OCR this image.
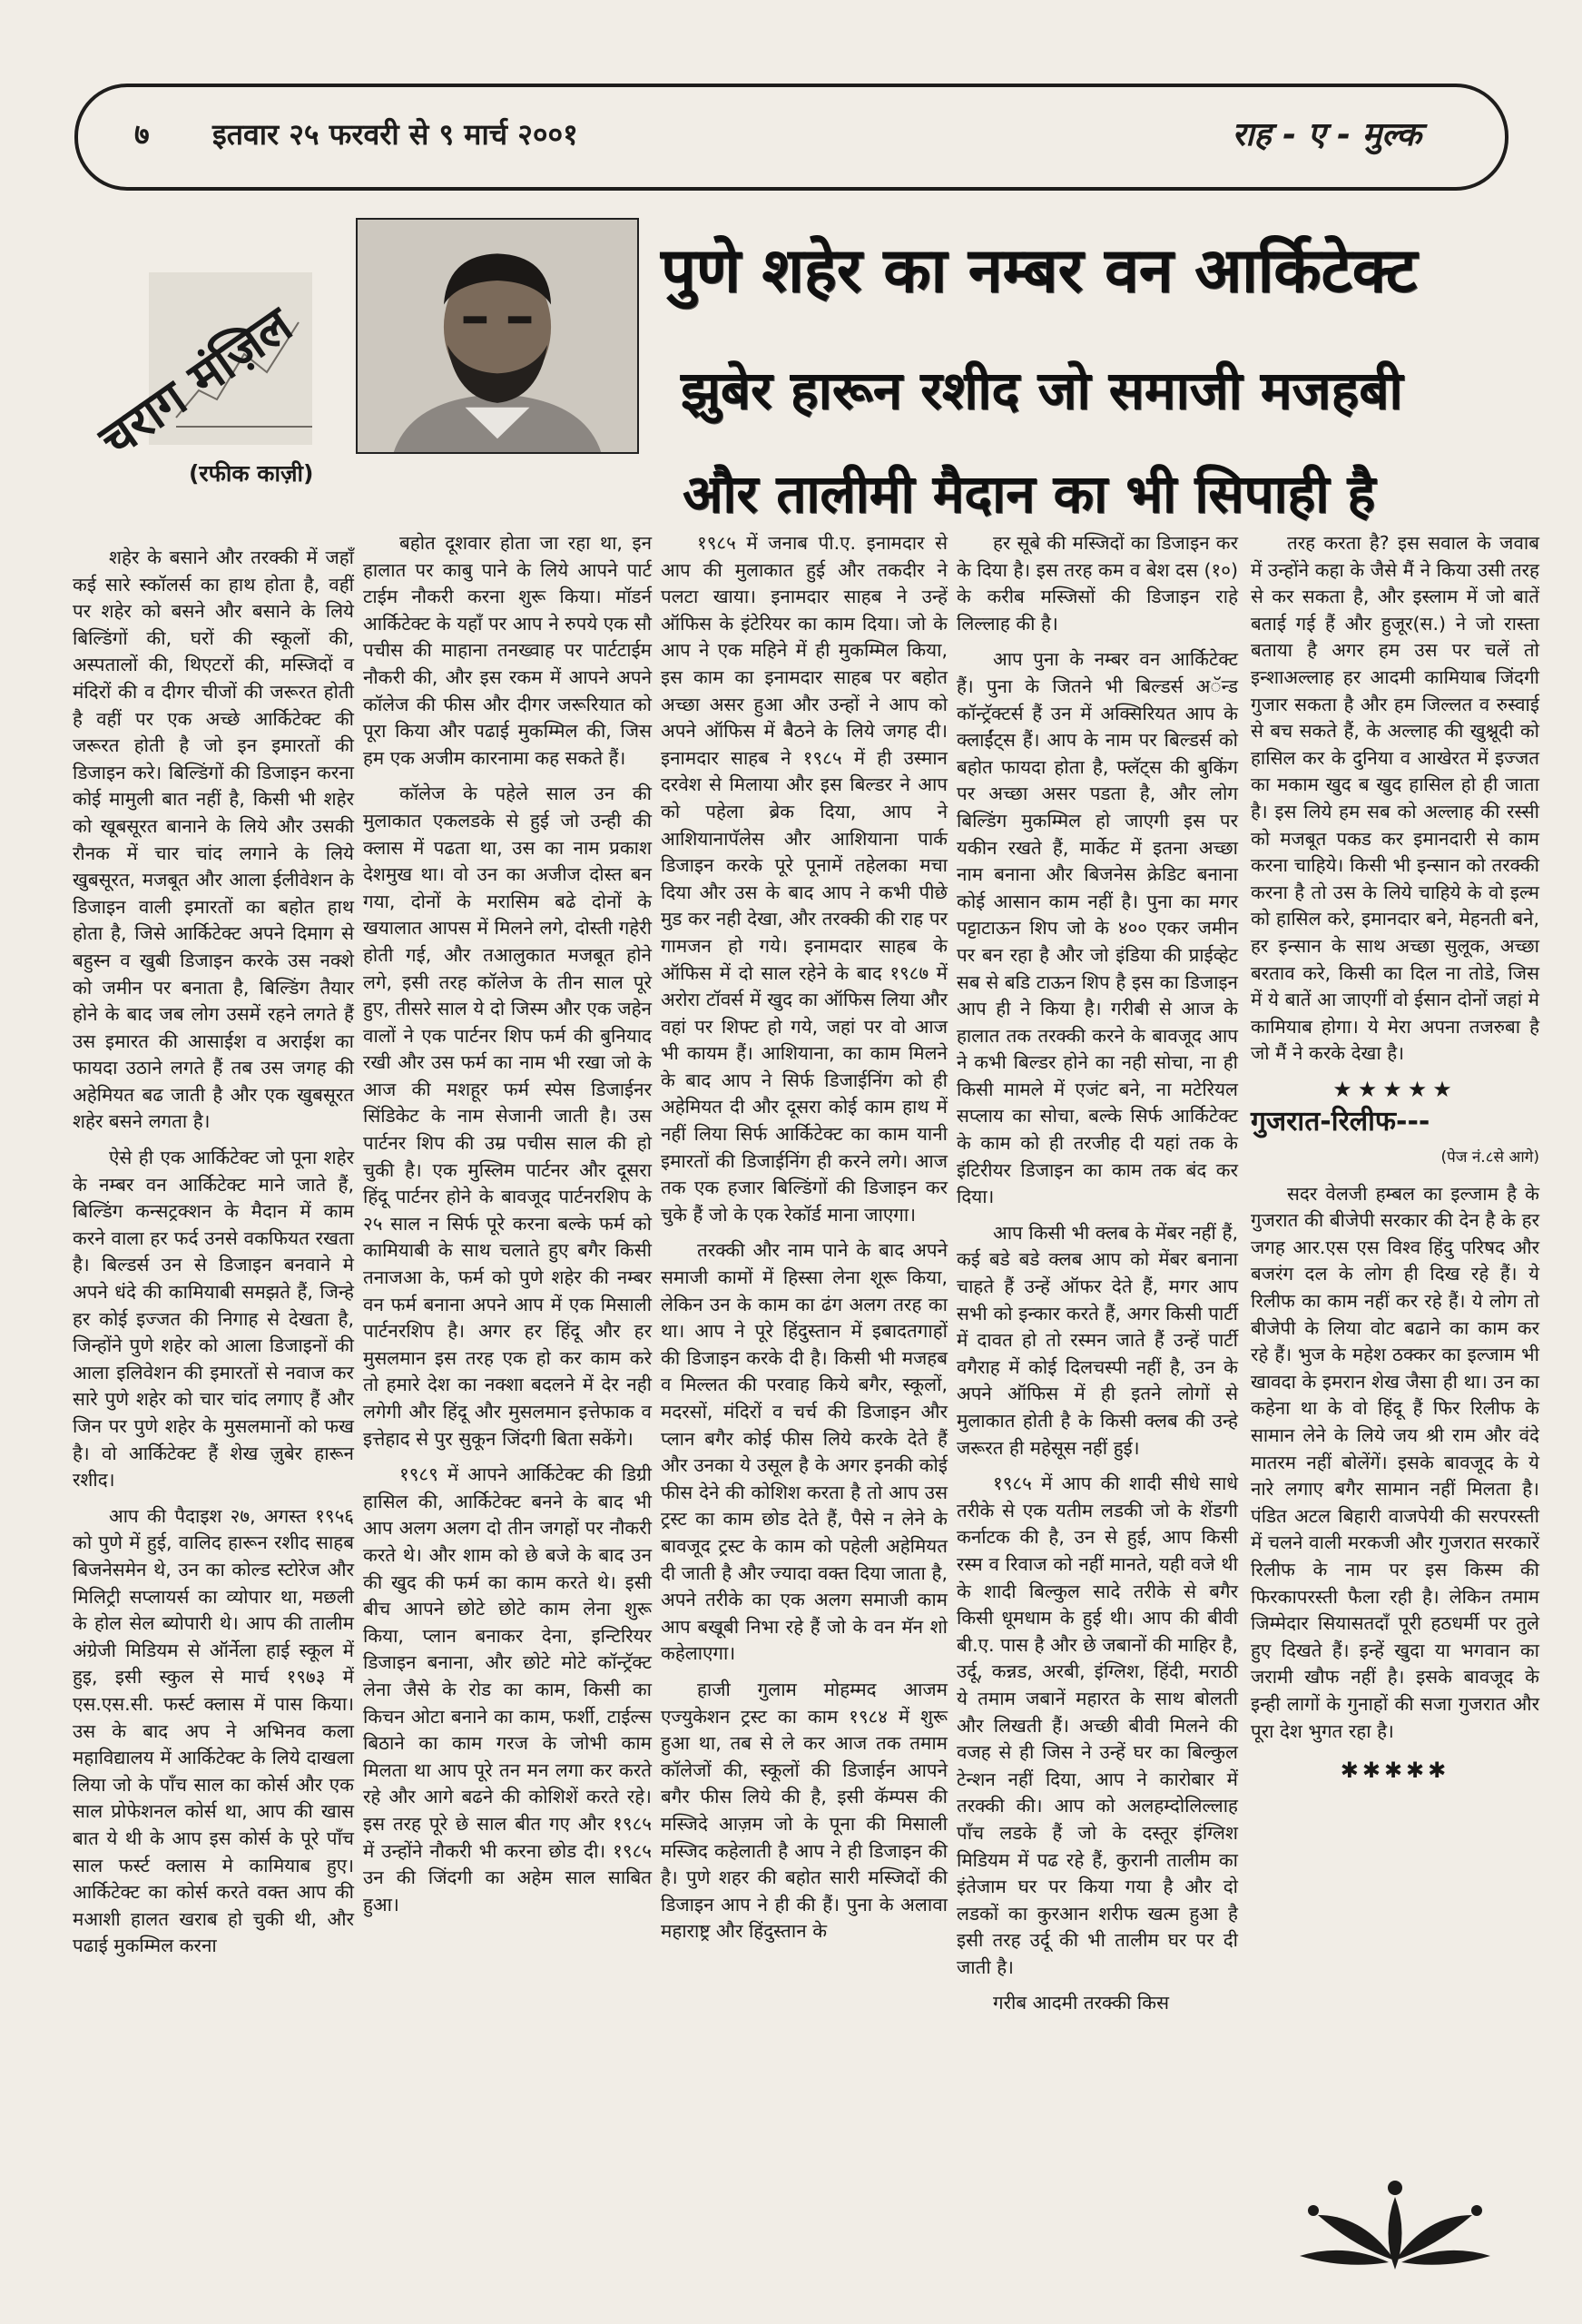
७ इतवार २५ फरवरी से ९ मार्च २००१	राह - ए - मुल्क
चराग मंज़िल
(रफीक काज़ी)
पुणे शहेर का नम्बर वन आर्किटेक्ट
झुबेर हारून रशीद जो समाजी मजहबी
और तालीमी मैदान का भी सिपाही है

शहेर के बसाने और तरक्की में जहाँ कई सारे स्कॉलर्स का हाथ होता है, वहीं पर शहेर को बसने और बसाने के लिये बिल्डिंगों की, घरों की स्कूलों की, अस्पतालों की, थिएटरों की, मस्जिदों व मंदिरों की व दीगर चीजों की जरूरत होती है वहीं पर एक अच्छे आर्किटेक्ट की जरूरत होती है जो इन इमारतों की डिजाइन करे। बिल्डिंगों की डिजाइन करना कोई मामुली बात नहीं है, किसी भी शहेर को खूबसूरत बानाने के लिये और उसकी रौनक में चार चांद लगाने के लिये खुबसूरत, मजबूत और आला ईलीवेशन के डिजाइन वाली इमारतों का बहोत हाथ होता है, जिसे आर्किटेक्ट अपने दिमाग से बहुस्न व खुबी डिजाइन करके उस नक्शे को जमीन पर बनाता है, बिल्डिंग तैयार होने के बाद जब लोग उसमें रहने लगते हैं उस इमारत की आसाईश व अराईश का फायदा उठाने लगते हैं तब उस जगह की अहेमियत बढ जाती है और एक खुबसूरत शहेर बसने लगता है।

ऐसे ही एक आर्किटेक्ट जो पूना शहेर के नम्बर वन आर्किटेक्ट माने जाते हैं, बिल्डिंग कन्सट्रक्शन के मैदान में काम करने वाला हर फर्द उनसे वकफियत रखता है। बिल्डर्स उन से डिजाइन बनवाने मे अपने धंदे की कामियाबी समझते हैं, जिन्हे हर कोई इज्जत की निगाह से देखता है, जिन्होंने पुणे शहेर को आला डिजाइनों की आला इलिवेशन की इमारतों से नवाज कर सारे पुणे शहेर को चार चांद लगाए हैं और जिन पर पुणे शहेर के मुसलमानों को फख है। वो आर्किटेक्ट हैं शेख ज़ुबेर हारून रशीद।

आप की पैदाइश २७, अगस्त १९५६ को पुणे में हुई, वालिद हारून रशीद साहब बिजनेसमेन थे, उन का कोल्ड स्टोरेज और मिलिट्री सप्लायर्स का व्योपार था, मछली के होल सेल ब्योपारी थे। आप की तालीम अंग्रेजी मिडियम से ऑर्नेला हाई स्कूल में हुइ, इसी स्कुल से मार्च १९७३ में एस.एस.सी. फर्स्ट क्लास में पास किया। उस के बाद अप ने अभिनव कला महाविद्यालय में आर्किटेक्ट के लिये दाखला लिया जो के पाँच साल का कोर्स और एक साल प्रोफेशनल कोर्स था, आप की खास बात ये थी के आप इस कोर्स के पूरे पाँच साल फर्स्ट क्लास मे कामियाब हुए। आर्किटेक्ट का कोर्स करते वक्त आप की मआशी हालत खराब हो चुकी थी, और पढाई मुकम्मिल करना

बहोत दूशवार होता जा रहा था, इन हालात पर काबु पाने के लिये आपने पार्ट टाईम नौकरी करना शुरू किया। मॉडर्न आर्किटेक्ट के यहाँ पर आप ने रुपये एक सौ पचीस की माहाना तनख्वाह पर पार्टटाईम नौकरी की, और इस रकम में आपने अपने कॉलेज की फीस और दीगर जरूरियात को पूरा किया और पढाई मुकम्मिल की, जिस हम एक अजीम कारनामा कह सकते हैं।

कॉलेज के पहेले साल उन की मुलाकात एकलडके से हुई जो उन्ही की क्लास में पढता था, उस का नाम प्रकाश देशमुख था। वो उन का अजीज दोस्त बन गया, दोनों के मरासिम बढे दोनों के खयालात आपस में मिलने लगे, दोस्ती गहेरी होती गई, और तआलुकात मजबूत होने लगे, इसी तरह कॉलेज के तीन साल पूरे हुए, तीसरे साल ये दो जिस्म और एक जहेन वालों ने एक पार्टनर शिप फर्म की बुनियाद रखी और उस फर्म का नाम भी रखा जो के आज की मशहूर फर्म स्पेस डिजाईनर सिंडिकेट के नाम सेजानी जाती है। उस पार्टनर शिप की उम्र पचीस साल की हो चुकी है। एक मुस्लिम पार्टनर और दूसरा हिंदू पार्टनर होने के बावजूद पार्टनरशिप के २५ साल न सिर्फ पूरे करना बल्के फर्म को कामियाबी के साथ चलाते हुए बगैर किसी तनाजआ के, फर्म को पुणे शहेर की नम्बर वन फर्म बनाना अपने आप में एक मिसाली पार्टनरशिप है। अगर हर हिंदू और हर मुसलमान इस तरह एक हो कर काम करे तो हमारे देश का नक्शा बदलने में देर नही लगेगी और हिंदू और मुसलमान इत्तेफाक व इत्तेहाद से पुर सुकून जिंदगी बिता सकेंगे।

१९८९ में आपने आर्किटेक्ट की डिग्री हासिल की, आर्किटेक्ट बनने के बाद भी आप अलग अलग दो तीन जगहों पर नौकरी करते थे। और शाम को छे बजे के बाद उन की खुद की फर्म का काम करते थे। इसी बीच आपने छोटे छोटे काम लेना शुरू किया, प्लान बनाकर देना, इन्टिरियर डिजाइन बनाना, और छोटे मोटे कॉन्ट्रॅक्ट लेना जैसे के रोड का काम, किसी का किचन ओटा बनाने का काम, फर्शी, टाईल्स बिठाने का काम गरज के जोभी काम मिलता था आप पूरे तन मन लगा कर करते रहे और आगे बढने की कोशिशें करते रहे। इस तरह पूरे छे साल बीत गए और १९८५ में उन्होंने नौकरी भी करना छोड दी। १९८५ उन की जिंदगी का अहेम साल साबित हुआ।

१९८५ में जनाब पी.ए. इनामदार से आप की मुलाकात हुई और तकदीर ने पलटा खाया। इनामदार साहब ने उन्हें ऑफिस के इंटेरियर का काम दिया। जो के आप ने एक महिने में ही मुकम्मिल किया, इस काम का इनामदार साहब पर बहोत अच्छा असर हुआ और उन्हों ने आप को अपने ऑफिस में बैठने के लिये जगह दी। इनामदार साहब ने १९८५ में ही उस्मान दरवेश से मिलाया और इस बिल्डर ने आप को पहेला ब्रेक दिया, आप ने आशियानापॅलेस और आशियाना पार्क डिजाइन करके पूरे पूनामें तहेलका मचा दिया और उस के बाद आप ने कभी पीछे मुड कर नही देखा, और तरक्की की राह पर गामजन हो गये। इनामदार साहब के ऑफिस में दो साल रहेने के बाद १९८७ में अरोरा टॉवर्स में खुद का ऑफिस लिया और वहां पर शिफ्ट हो गये, जहां पर वो आज भी कायम हैं। आशियाना, का काम मिलने के बाद आप ने सिर्फ डिजाईनिंग को ही अहेमियत दी और दूसरा कोई काम हाथ में नहीं लिया सिर्फ आर्किटेक्ट का काम यानी इमारतों की डिजाईनिंग ही करने लगे। आज तक एक हजार बिल्डिंगों की डिजाइन कर चुके हैं जो के एक रेकॉर्ड माना जाएगा।

तरक्की और नाम पाने के बाद अपने समाजी कामों में हिस्सा लेना शूरू किया, लेकिन उन के काम का ढंग अलग तरह का था। आप ने पूरे हिंदुस्तान में इबादतगाहों की डिजाइन करके दी है। किसी भी मजहब व मिल्लत की परवाह किये बगैर, स्कूलों, मदरसों, मंदिरों व चर्च की डिजाइन और प्लान बगैर कोई फीस लिये करके देते हैं और उनका ये उसूल है के अगर इनकी कोई फीस देने की कोशिश करता है तो आप उस ट्रस्ट का काम छोड देते हैं, पैसे न लेने के बावजूद ट्रस्ट के काम को पहेली अहेमियत दी जाती है और ज्यादा वक्त दिया जाता है, अपने तरीके का एक अलग समाजी काम आप बखूबी निभा रहे हैं जो के वन मॅन शो कहेलाएगा।

हाजी गुलाम मोहम्मद आजम एज्युकेशन ट्रस्ट का काम १९८४ में शुरू हुआ था, तब से ले कर आज तक तमाम कॉलेजों की, स्कूलों की डिजाईन आपने बगैर फीस लिये की है, इसी कॅम्पस की मस्जिदे आज़म जो के पूना की मिसाली मस्जिद कहेलाती है आप ने ही डिजाइन की है। पुणे शहर की बहोत सारी मस्जिदों की डिजाइन आप ने ही की हैं। पुना के अलावा महाराष्ट्र और हिंदुस्तान के

हर सूबे की मस्जिदों का डिजाइन कर के दिया है। इस तरह कम व बेश दस (१०) के करीब मस्जिसों की डिजाइन राहे लिल्लाह की है।

आप पुना के नम्बर वन आर्किटेक्ट हैं। पुना के जितने भी बिल्डर्स अॅन्ड कॉन्ट्रॅक्टर्स हैं उन में अक्सिरियत आप के क्लाईंट्स हैं। आप के नाम पर बिल्डर्स को बहोत फायदा होता है, फ्लॅट्स की बुकिंग पर अच्छा असर पडता है, और लोग बिल्डिंग मुकम्मिल हो जाएगी इस पर यकीन रखते हैं, मार्केट में इतना अच्छा नाम बनाना और बिजनेस क्रेडिट बनाना कोई आसान काम नहीं है। पुना का मगर पट्टाटाऊन शिप जो के ४०० एकर जमीन पर बन रहा है और जो इंडिया की प्राईव्हेट सब से बडि टाऊन शिप है इस का डिजाइन आप ही ने किया है। गरीबी से आज के हालात तक तरक्की करने के बावजूद आप ने कभी बिल्डर होने का नही सोचा, ना ही किसी मामले में एजंट बने, ना मटेरियल सप्लाय का सोचा, बल्के सिर्फ आर्किटेक्ट के काम को ही तरजीह दी यहां तक के इंटिरीयर डिजाइन का काम तक बंद कर दिया।

आप किसी भी क्लब के मेंबर नहीं हैं, कई बडे बडे क्लब आप को मेंबर बनाना चाहते हैं उन्हें ऑफर देते हैं, मगर आप सभी को इन्कार करते हैं, अगर किसी पार्टी में दावत हो तो रस्मन जाते हैं उन्हें पार्टी वगैराह में कोई दिलचस्पी नहीं है, उन के अपने ऑफिस में ही इतने लोगों से मुलाकात होती है के किसी क्लब की उन्हे जरूरत ही महेसूस नहीं हुई।

१९८५ में आप की शादी सीधे साधे तरीके से एक यतीम लडकी जो के शेंडगी कर्नाटक की है, उन से हुई, आप किसी रस्म व रिवाज को नहीं मानते, यही वजे थी के शादी बिल्कुल सादे तरीके से बगैर किसी धूमधाम के हुई थी। आप की बीवी बी.ए. पास है और छे जबानों की माहिर है, उर्दू, कन्नड, अरबी, इंग्लिश, हिंदी, मराठी ये तमाम जबानें महारत के साथ बोलती और लिखती हैं। अच्छी बीवी मिलने की वजह से ही जिस ने उन्हें घर का बिल्कुल टेन्शन नहीं दिया, आप ने कारोबार में तरक्की की। आप को अलहम्दोलिल्लाह पाँच लडके हैं जो के दस्तूर इंग्लिश मिडियम में पढ रहे हैं, कुरानी तालीम का इंतेजाम घर पर किया गया है और दो लडकों का कुरआन शरीफ खत्म हुआ है इसी तरह उर्दू की भी तालीम घर पर दी जाती है।

गरीब आदमी तरक्की किस

तरह करता है? इस सवाल के जवाब में उन्होंने कहा के जैसे मैं ने किया उसी तरह से कर सकता है, और इस्लाम में जो बातें बताई गई हैं और हुजूर(स.) ने जो रास्ता बताया है अगर हम उस पर चलें तो इन्शाअल्लाह हर आदमी कामियाब जिंदगी गुजार सकता है और हम जिल्लत व रुस्वाई से बच सकते हैं, के अल्लाह की खुश्नूदी को हासिल कर के दुनिया व आखेरत में इज्जत का मकाम खुद ब खुद हासिल हो ही जाता है। इस लिये हम सब को अल्लाह की रस्सी को मजबूत पकड कर इमानदारी से काम करना चाहिये। किसी भी इन्सान को तरक्की करना है तो उस के लिये चाहिये के वो इल्म को हासिल करे, इमानदार बने, मेहनती बने, हर इन्सान के साथ अच्छा सुलूक, अच्छा बरताव करे, किसी का दिल ना तोडे, जिस में ये बातें आ जाएगीं वो ईसान दोनों जहां मे कामियाब होगा। ये मेरा अपना तजरुबा है जो मैं ने करके देखा है।

★★★★★

गुजरात-रिलीफ---

(पेज नं.८से आगे)

सदर वेलजी हम्बल का इल्जाम है के गुजरात की बीजेपी सरकार की देन है के हर जगह आर.एस एस विश्व हिंदु परिषद और बजरंग दल के लोग ही दिख रहे हैं। ये रिलीफ का काम नहीं कर रहे हैं। ये लोग तो बीजेपी के लिया वोट बढाने का काम कर रहे हैं। भुज के महेश ठक्कर का इल्जाम भी खावदा के इमरान शेख जैसा ही था। उन का कहेना था के वो हिंदू हैं फिर रिलीफ के सामान लेने के लिये जय श्री राम और वंदे मातरम नहीं बोलेंगें। इसके बावजूद के ये नारे लगाए बगैर सामान नहीं मिलता है। पंडित अटल बिहारी वाजपेयी की सरपरस्ती में चलने वाली मरकजी और गुजरात सरकारें रिलीफ के नाम पर इस किस्म की फिरकापरस्ती फैला रही है। लेकिन तमाम जिम्मेदार सियासतदाँ पूरी हठधर्मी पर तुले हुए दिखते हैं। इन्हें खुदा या भगवान का जरामी खौफ नहीं है। इसके बावजूद के इन्ही लागों के गुनाहों की सजा गुजरात और पूरा देश भुगत रहा है।

✱✱✱✱✱
